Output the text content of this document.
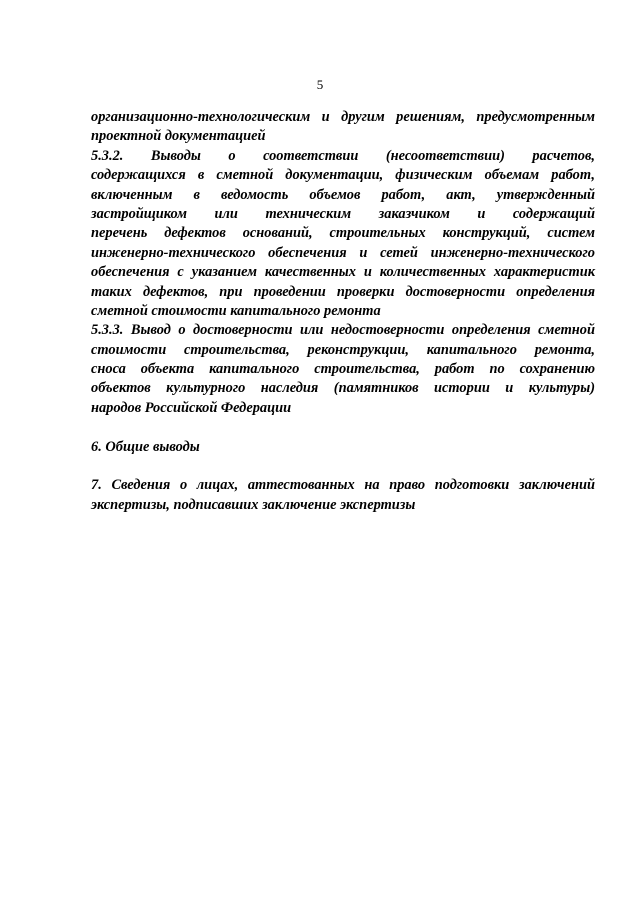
5
организационно-технологическим и другим решениям, предусмотренным
проектной документацией
5.3.2. Выводы о соответствии (несоответствии) расчетов,
содержащихся в сметной документации, физическим объемам работ,
включенным в ведомость объемов работ, акт, утвержденный
застройщиком или техническим заказчиком и содержащий
перечень дефектов оснований, строительных конструкций, систем
инженерно-технического обеспечения и сетей инженерно-технического
обеспечения с указанием качественных и количественных характеристик
таких дефектов, при проведении проверки достоверности определения
сметной стоимости капитального ремонта
5.3.3. Вывод о достоверности или недостоверности определения сметной
стоимости строительства, реконструкции, капитального ремонта,
сноса объекта капитального строительства, работ по сохранению
объектов культурного наследия (памятников истории и культуры)
народов Российской Федерации
6. Общие выводы
7. Сведения о лицах, аттестованных на право подготовки заключений
экспертизы, подписавших заключение экспертизы
